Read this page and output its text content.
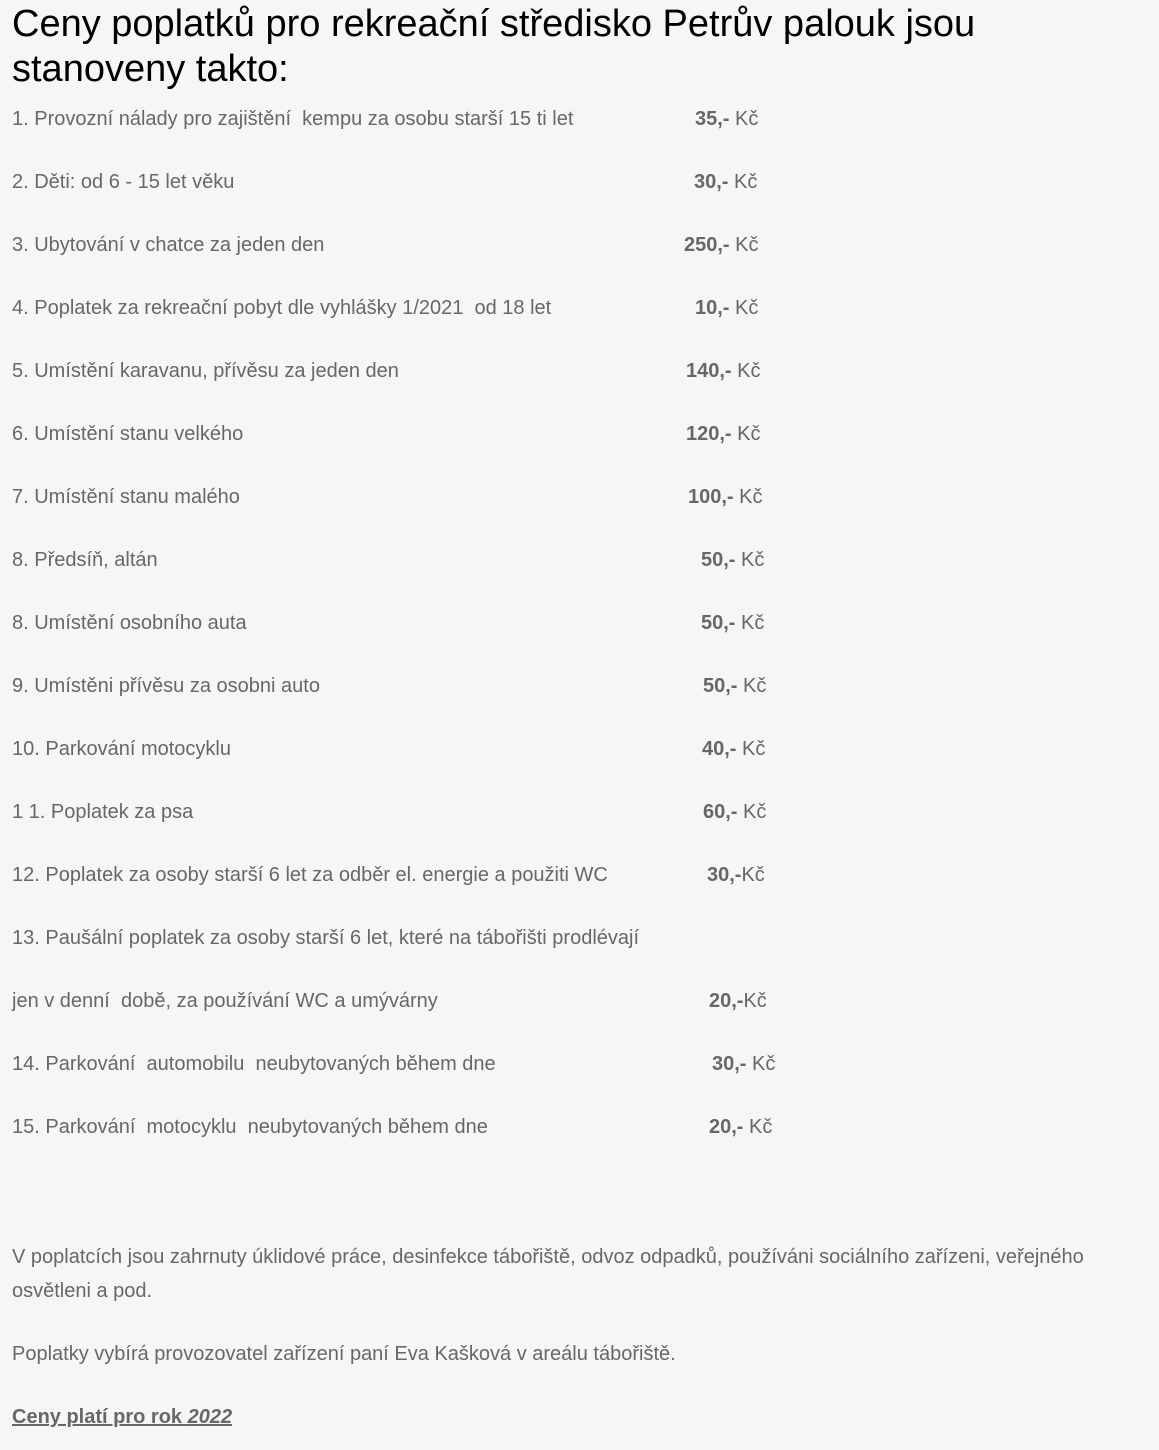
Ceny poplatků pro rekreační středisko Petrův palouk jsou stanoveny takto:
1. Provozní nálady pro zajištění  kempu za osobu starší 15 ti let	35,- Kč
2. Děti: od 6 - 15 let věku	30,- Kč
3. Ubytování v chatce za jeden den	250,- Kč
4. Poplatek za rekreační pobyt dle vyhlášky 1/2021  od 18 let	10,- Kč
5. Umístění karavanu, přívěsu za jeden den	140,- Kč
6. Umístění stanu velkého	120,- Kč
7. Umístění stanu malého	100,- Kč
8. Předsíň, altán	50,- Kč
8. Umístění osobního auta	50,- Kč
9. Umístěni přívěsu za osobni auto	50,- Kč
10. Parkování motocyklu	40,- Kč
1 1. Poplatek za psa	60,- Kč
12. Poplatek za osoby starší 6 let za odběr el. energie a použiti WC	30,-Kč
13. Paušální poplatek za osoby starší 6 let, které na tábořišti prodlévají
jen v denní  době, za používání WC a umývárny	20,-Kč
14. Parkování  automobilu  neubytovaných během dne	30,- Kč
15. Parkování  motocyklu  neubytovaných během dne	20,- Kč

V poplatcích jsou zahrnuty úklidové práce, desinfekce tábořiště, odvoz odpadků, používáni sociálního zařízeni, veřejného osvětleni a pod.

Poplatky vybírá provozovatel zařízení paní Eva Kašková v areálu tábořiště.

Ceny platí pro rok 2022
